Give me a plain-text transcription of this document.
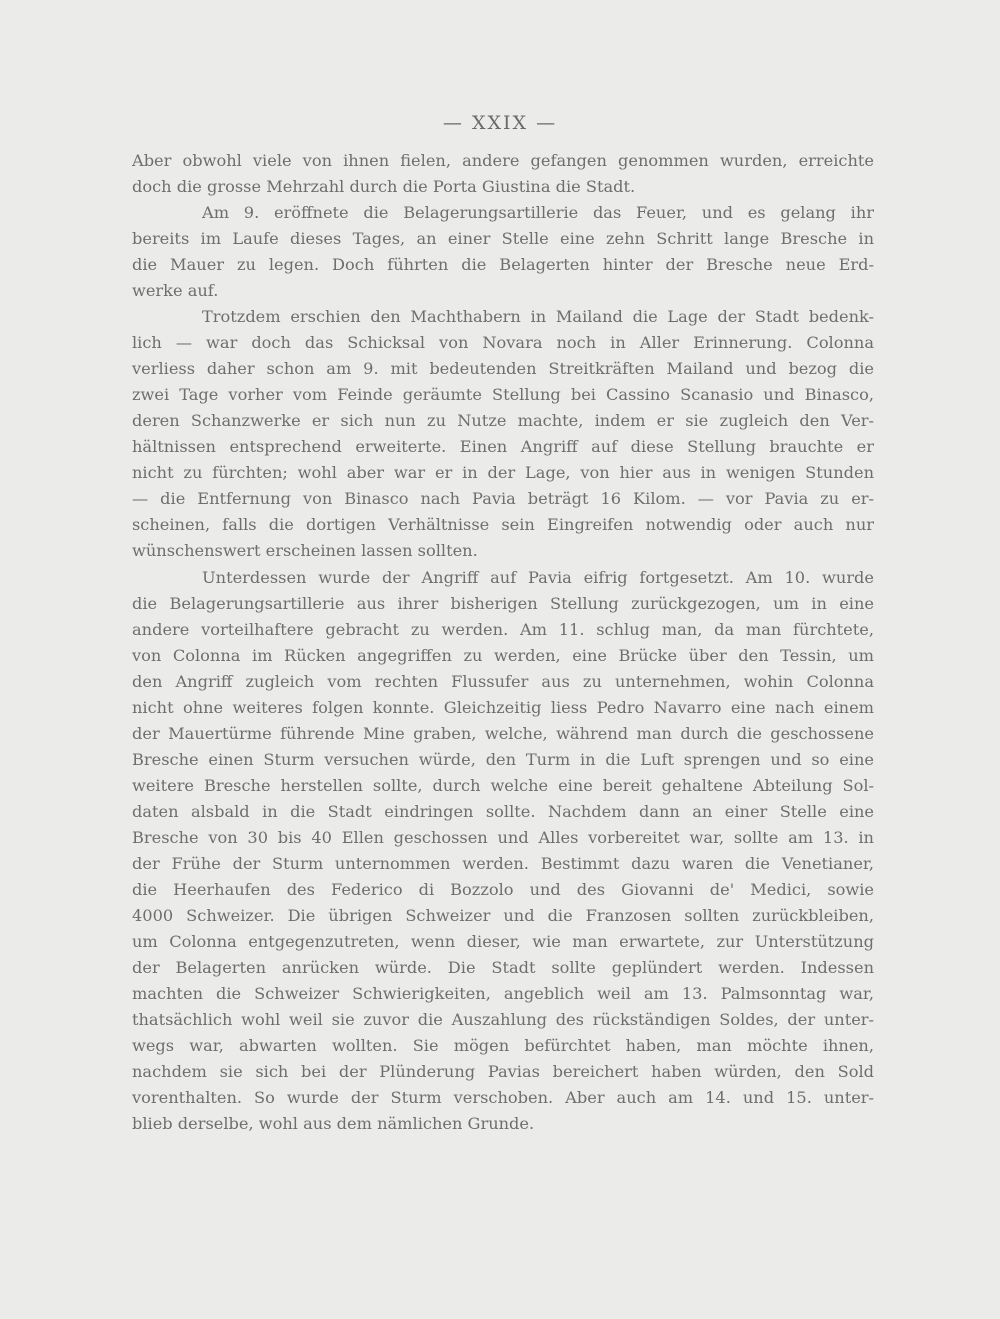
— XXIX —
Aber obwohl viele von ihnen fielen, andere gefangen genommen wurden, erreichte
doch die grosse Mehrzahl durch die Porta Giustina die Stadt.
Am 9. eröffnete die Belagerungsartillerie das Feuer, und es gelang ihr
bereits im Laufe dieses Tages, an einer Stelle eine zehn Schritt lange Bresche in
die Mauer zu legen. Doch führten die Belagerten hinter der Bresche neue Erd-
werke auf.
Trotzdem erschien den Machthabern in Mailand die Lage der Stadt bedenk-
lich — war doch das Schicksal von Novara noch in Aller Erinnerung. Colonna
verliess daher schon am 9. mit bedeutenden Streitkräften Mailand und bezog die
zwei Tage vorher vom Feinde geräumte Stellung bei Cassino Scanasio und Binasco,
deren Schanzwerke er sich nun zu Nutze machte, indem er sie zugleich den Ver-
hältnissen entsprechend erweiterte. Einen Angriff auf diese Stellung brauchte er
nicht zu fürchten; wohl aber war er in der Lage, von hier aus in wenigen Stunden
— die Entfernung von Binasco nach Pavia beträgt 16 Kilom. — vor Pavia zu er-
scheinen, falls die dortigen Verhältnisse sein Eingreifen notwendig oder auch nur
wünschenswert erscheinen lassen sollten.
Unterdessen wurde der Angriff auf Pavia eifrig fortgesetzt. Am 10. wurde
die Belagerungsartillerie aus ihrer bisherigen Stellung zurückgezogen, um in eine
andere vorteilhaftere gebracht zu werden. Am 11. schlug man, da man fürchtete,
von Colonna im Rücken angegriffen zu werden, eine Brücke über den Tessin, um
den Angriff zugleich vom rechten Flussufer aus zu unternehmen, wohin Colonna
nicht ohne weiteres folgen konnte. Gleichzeitig liess Pedro Navarro eine nach einem
der Mauertürme führende Mine graben, welche, während man durch die geschossene
Bresche einen Sturm versuchen würde, den Turm in die Luft sprengen und so eine
weitere Bresche herstellen sollte, durch welche eine bereit gehaltene Abteilung Sol-
daten alsbald in die Stadt eindringen sollte. Nachdem dann an einer Stelle eine
Bresche von 30 bis 40 Ellen geschossen und Alles vorbereitet war, sollte am 13. in
der Frühe der Sturm unternommen werden. Bestimmt dazu waren die Venetianer,
die Heerhaufen des Federico di Bozzolo und des Giovanni de' Medici, sowie
4000 Schweizer. Die übrigen Schweizer und die Franzosen sollten zurückbleiben,
um Colonna entgegenzutreten, wenn dieser, wie man erwartete, zur Unterstützung
der Belagerten anrücken würde. Die Stadt sollte geplündert werden. Indessen
machten die Schweizer Schwierigkeiten, angeblich weil am 13. Palmsonntag war,
thatsächlich wohl weil sie zuvor die Auszahlung des rückständigen Soldes, der unter-
wegs war, abwarten wollten. Sie mögen befürchtet haben, man möchte ihnen,
nachdem sie sich bei der Plünderung Pavias bereichert haben würden, den Sold
vorenthalten. So wurde der Sturm verschoben. Aber auch am 14. und 15. unter-
blieb derselbe, wohl aus dem nämlichen Grunde.
